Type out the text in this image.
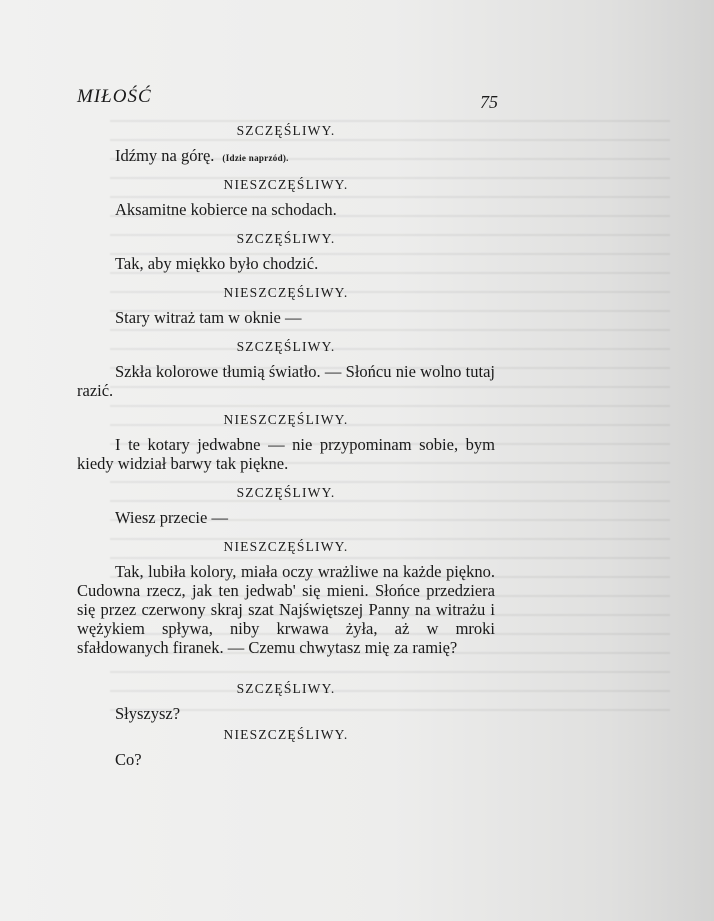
MIŁOŚĆ	75
SZCZĘŚLIWY.
Idźmy na górę. (Idzie naprzód).
NIESZCZĘŚLIWY.
Aksamitne kobierce na schodach.
SZCZĘŚLIWY.
Tak, aby miękko było chodzić.
NIESZCZĘŚLIWY.
Stary witraż tam w oknie —
SZCZĘŚLIWY.
Szkła kolorowe tłumią światło. — Słońcu nie wolno tutaj razić.
NIESZCZĘŚLIWY.
I te kotary jedwabne — nie przypominam sobie, bym kiedy widział barwy tak piękne.
SZCZĘŚLIWY.
Wiesz przecie —
NIESZCZĘŚLIWY.
Tak, lubiła kolory, miała oczy wrażliwe na każde piękno. Cudowna rzecz, jak ten jedwab' się mieni. Słońce przedziera się przez czerwony skraj szat Najświętszej Panny na witrażu i wężykiem spływa, niby krwawa żyła, aż w mroki sfałdowanych firanek. — Czemu chwytasz mię za ramię?
SZCZĘŚLIWY.
Słyszysz?
NIESZCZĘŚLIWY.
Co?
